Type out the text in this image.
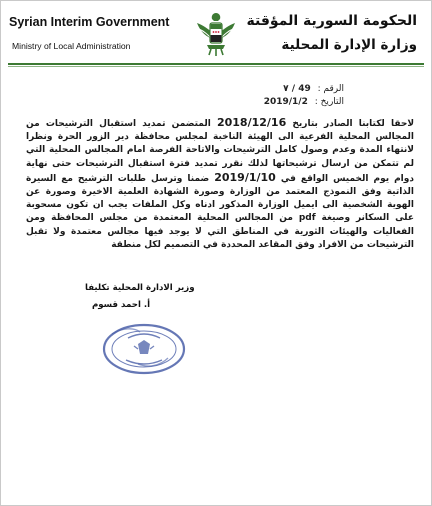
Syrian Interim Government
Ministry of Local Administration
الحكومة السورية المؤقتة
وزارة الإدارة المحلية
الرقم : 49 / ٧
التاريخ : 2019/1/2
لاحقا لكتابنا الصادر بتاريخ 2018/12/16 المتضمن تمديد استقبال الترشيحات من المجالس المحلية الفرعية الى الهيئة الناخبة لمجلس محافظة دير الزور الحرة ونظرا لانتهاء المدة وعدم وصول كامل الترشيحات والاتاحة الفرصة امام المجالس المحلية التي لم تتمكن من ارسال ترشيحاتها لذلك نقرر تمديد فترة استقبال الترشيحات حتى نهاية دوام يوم الخميس الواقع في 2019/1/10 ضمنا وترسل طلبات الترشيح مع السيرة الذاتية وفق النموذج المعتمد من الوزارة وصورة الشهادة العلمية الاخيرة وصورة عن الهوية الشخصية الى ايميل الوزارة المذكور ادناه وكل الملفات يجب ان تكون مسحوبة على السكانر وصيغة pdf من المجالس المحلية المعتمدة من مجلس المحافظة ومن الفعاليات والهيئات الثورية في المناطق التي لا يوجد فيها مجالس معتمدة ولا تقبل الترشيحات من الافراد وفق المقاعد المحددة في التصميم لكل منطقة
وزير الادارة المحلية تكليفا
أ. احمد قسوم
